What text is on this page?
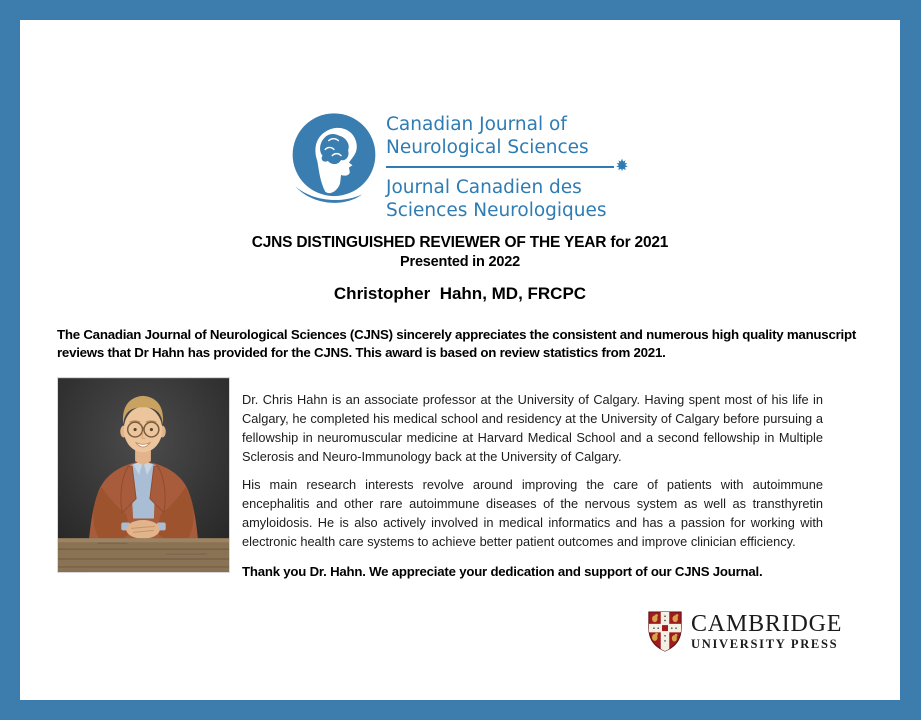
Canadian Journal of
Neurological Sciences
Journal Canadien des
Sciences Neurologiques
CJNS DISTINGUISHED REVIEWER OF THE YEAR for 2021
Presented in 2022
Christopher  Hahn, MD, FRCPC

The Canadian Journal of Neurological Sciences (CJNS) sincerely appreciates the consistent and numerous high quality manuscript reviews that Dr Hahn has provided for the CJNS. This award is based on review statistics from 2021.

Dr. Chris Hahn is an associate professor at the University of Calgary. Having spent most of his life in Calgary, he completed his medical school and residency at the University of Calgary before pursuing a fellowship in neuromuscular medicine at Harvard Medical School and a second fellowship in Multiple Sclerosis and Neuro-Immunology back at the University of Calgary.

His main research interests revolve around improving the care of patients with autoimmune encephalitis and other rare autoimmune diseases of the nervous system as well as transthyretin amyloidosis. He is also actively involved in medical informatics and has a passion for working with electronic health care systems to achieve better patient outcomes and improve clinician efficiency.

Thank you Dr. Hahn. We appreciate your dedication and support of our CJNS Journal.

CAMBRIDGE
UNIVERSITY PRESS
